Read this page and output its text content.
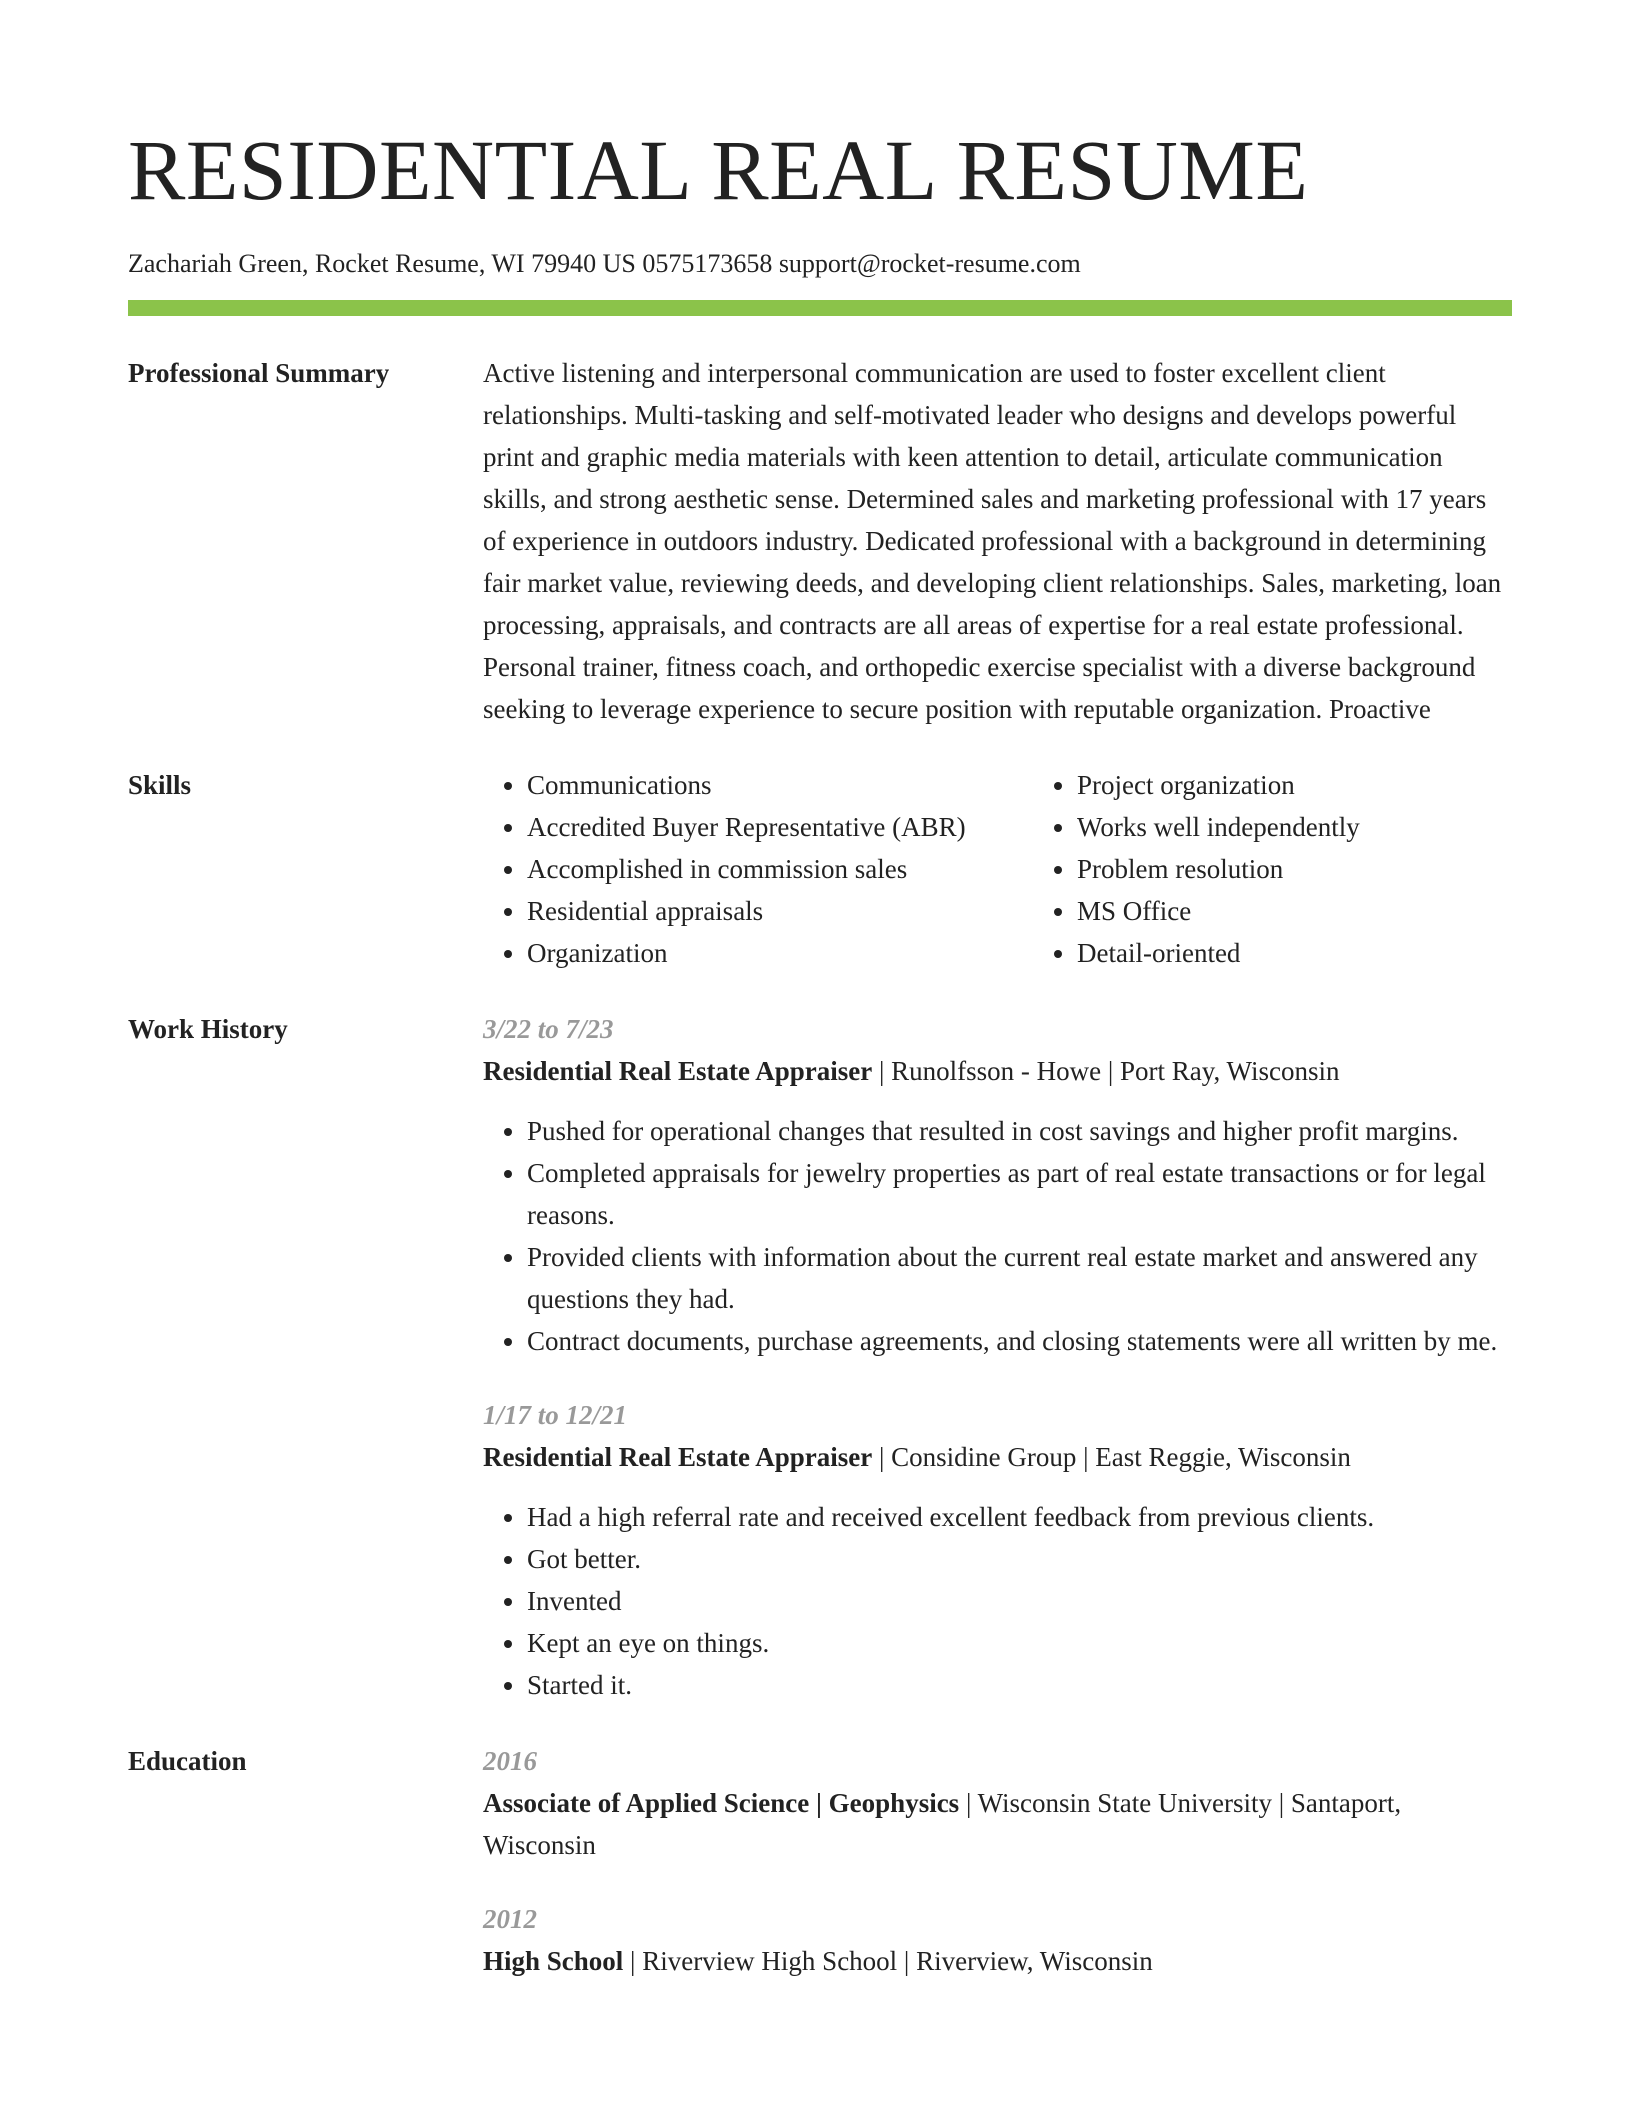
RESIDENTIAL REAL RESUME
Zachariah Green, Rocket Resume, WI 79940 US 0575173658 support@rocket-resume.com
Professional Summary	Active listening and interpersonal communication are used to foster excellent client relationships. Multi-tasking and self-motivated leader who designs and develops powerful print and graphic media materials with keen attention to detail, articulate communication skills, and strong aesthetic sense. Determined sales and marketing professional with 17 years of experience in outdoors industry. Dedicated professional with a background in determining fair market value, reviewing deeds, and developing client relationships. Sales, marketing, loan processing, appraisals, and contracts are all areas of expertise for a real estate professional. Personal trainer, fitness coach, and orthopedic exercise specialist with a diverse background seeking to leverage experience to secure position with reputable organization. Proactive

Skills
•	Communications
• Accredited Buyer Representative (ABR)
• Accomplished in commission sales
• Residential appraisals
• Organization
• Project organization
• Works well independently
• Problem resolution
• MS Office
• Detail-oriented
Work History	3/22 to 7/23
Residential Real Estate Appraiser | Runolfsson - Howe | Port Ray, Wisconsin
• Pushed for operational changes that resulted in cost savings and higher profit margins.
• Completed appraisals for jewelry properties as part of real estate transactions or for legal reasons.
• Provided clients with information about the current real estate market and answered any questions they had.
• Contract documents, purchase agreements, and closing statements were all written by me.
1/17 to 12/21
Residential Real Estate Appraiser | Considine Group | East Reggie, Wisconsin
• Had a high referral rate and received excellent feedback from previous clients.
• Got better.
• Invented
• Kept an eye on things.
• Started it.
Education	2016
Associate of Applied Science | Geophysics | Wisconsin State University | Santaport, Wisconsin
2012
High School | Riverview High School | Riverview, Wisconsin
